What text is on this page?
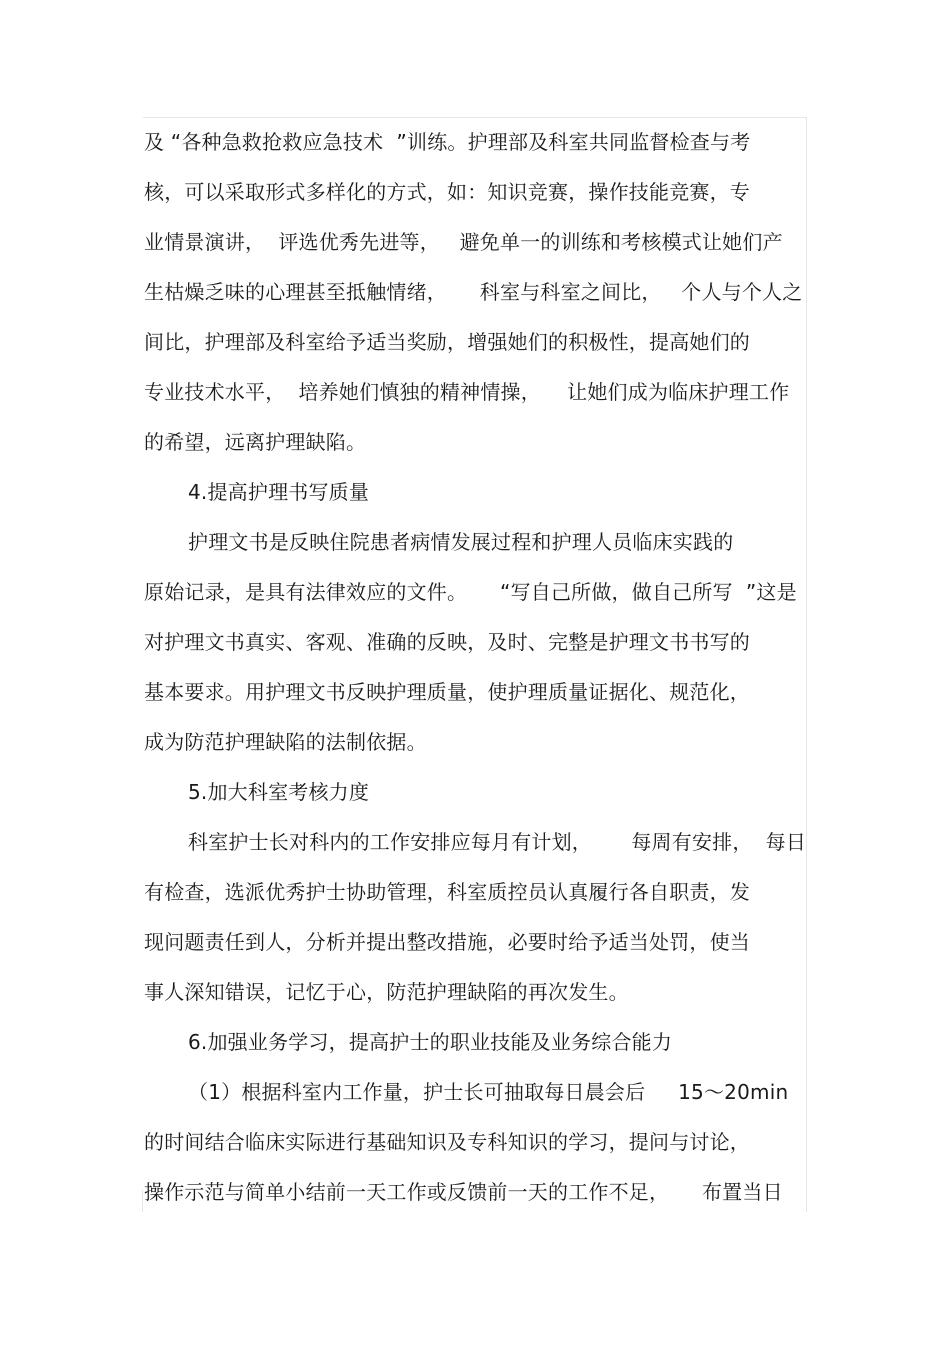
及 “各种急救抢救应急技术  ”训练。护理部及科室共同监督检查与考
核，可以采取形式多样化的方式，如：知识竞赛，操作技能竞赛，专
业情景演讲，  评选优秀先进等，   避免单一的训练和考核模式让她们产
生枯燥乏味的心理甚至抵触情绪，     科室与科室之间比，   个人与个人之
间比，护理部及科室给予适当奖励，增强她们的积极性，提高她们的
专业技术水平，  培养她们慎独的精神情操，    让她们成为临床护理工作
的希望，远离护理缺陷。
4.提高护理书写质量
护理文书是反映住院患者病情发展过程和护理人员临床实践的
原始记录，是具有法律效应的文件。     “写自己所做，做自己所写  ”这是
对护理文书真实、客观、准确的反映，及时、完整是护理文书书写的
基本要求。用护理文书反映护理质量，使护理质量证据化、规范化，
成为防范护理缺陷的法制依据。
5.加大科室考核力度
科室护士长对科内的工作安排应每月有计划，      每周有安排，  每日
有检查，选派优秀护士协助管理，科室质控员认真履行各自职责，发
现问题责任到人，分析并提出整改措施，必要时给予适当处罚，使当
事人深知错误，记忆于心，防范护理缺陷的再次发生。
6.加强业务学习，提高护士的职业技能及业务综合能力
（1）根据科室内工作量，护士长可抽取每日晨会后     15～20min
的时间结合临床实际进行基础知识及专科知识的学习，提问与讨论，
操作示范与简单小结前一天工作或反馈前一天的工作不足，     布置当日
